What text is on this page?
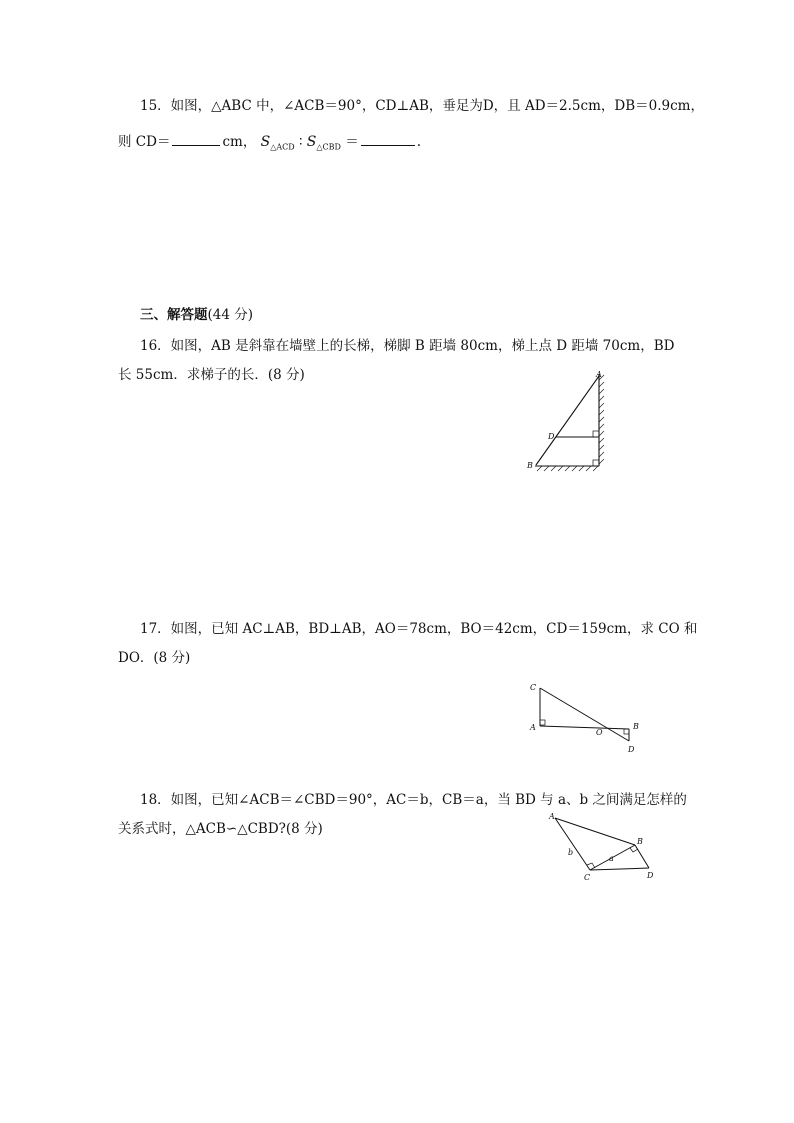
15．如图，△ABC 中，∠ACB＝90°，CD⊥AB，垂足为D，且 AD＝2.5cm，DB＝0.9cm，
则 CD＝	cm， $S_{\triangle ACD}$ ∶ $S_{\triangle CBD}$ ＝	.
三、解答题(44 分)
16．如图，AB 是斜靠在墙壁上的长梯，梯脚 B 距墙 80cm，梯上点 D 距墙 70cm，BD
长 55cm．求梯子的长．(8 分)	A
D
B
17．如图，已知 AC⊥AB，BD⊥AB，AO＝78cm，BO＝42cm，CD＝159cm，求 CO 和
DO．(8 分)
C
A
O
B
D
18．如图，已知∠ACB＝∠CBD＝90°，AC＝b，CB＝a，当 BD 与 a、b 之间满足怎样的
关系式时，△ACB∽△CBD?(8 分)
A
B
b
a
C	D
